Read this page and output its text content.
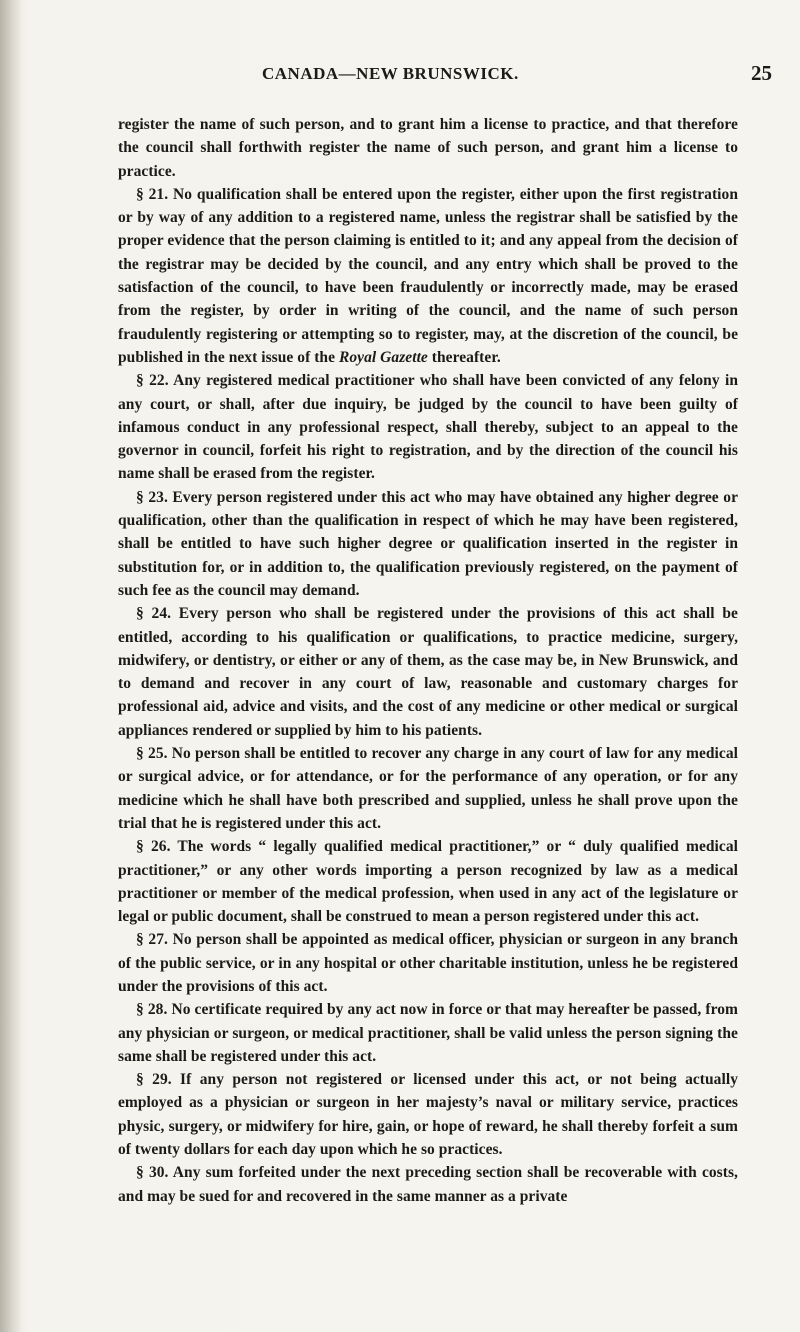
CANADA—NEW BRUNSWICK.	25

register the name of such person, and to grant him a license to practice, and that therefore the council shall forthwith register the name of such person, and grant him a license to practice.

§ 21. No qualification shall be entered upon the register, either upon the first registration or by way of any addition to a registered name, unless the registrar shall be satisfied by the proper evidence that the person claiming is entitled to it; and any appeal from the decision of the registrar may be decided by the council, and any entry which shall be proved to the satisfaction of the council, to have been fraudulently or incorrectly made, may be erased from the register, by order in writing of the council, and the name of such person fraudulently registering or attempting so to register, may, at the discretion of the council, be published in the next issue of the Royal Gazette thereafter.

§ 22. Any registered medical practitioner who shall have been convicted of any felony in any court, or shall, after due inquiry, be judged by the council to have been guilty of infamous conduct in any professional respect, shall thereby, subject to an appeal to the governor in council, forfeit his right to registration, and by the direction of the council his name shall be erased from the register.

§ 23. Every person registered under this act who may have obtained any higher degree or qualification, other than the qualification in respect of which he may have been registered, shall be entitled to have such higher degree or qualification inserted in the register in substitution for, or in addition to, the qualification previously registered, on the payment of such fee as the council may demand.

§ 24. Every person who shall be registered under the provisions of this act shall be entitled, according to his qualification or qualifications, to practice medicine, surgery, midwifery, or dentistry, or either or any of them, as the case may be, in New Brunswick, and to demand and recover in any court of law, reasonable and customary charges for professional aid, advice and visits, and the cost of any medicine or other medical or surgical appliances rendered or supplied by him to his patients.

§ 25. No person shall be entitled to recover any charge in any court of law for any medical or surgical advice, or for attendance, or for the performance of any operation, or for any medicine which he shall have both prescribed and supplied, unless he shall prove upon the trial that he is registered under this act.

§ 26. The words “ legally qualified medical practitioner,” or “ duly qualified medical practitioner,” or any other words importing a person recognized by law as a medical practitioner or member of the medical profession, when used in any act of the legislature or legal or public document, shall be construed to mean a person registered under this act.

§ 27. No person shall be appointed as medical officer, physician or surgeon in any branch of the public service, or in any hospital or other charitable institution, unless he be registered under the provisions of this act.

§ 28. No certificate required by any act now in force or that may hereafter be passed, from any physician or surgeon, or medical practitioner, shall be valid unless the person signing the same shall be registered under this act.

§ 29. If any person not registered or licensed under this act, or not being actually employed as a physician or surgeon in her majesty’s naval or military service, practices physic, surgery, or midwifery for hire, gain, or hope of reward, he shall thereby forfeit a sum of twenty dollars for each day upon which he so practices.

§ 30. Any sum forfeited under the next preceding section shall be recoverable with costs, and may be sued for and recovered in the same manner as a private
